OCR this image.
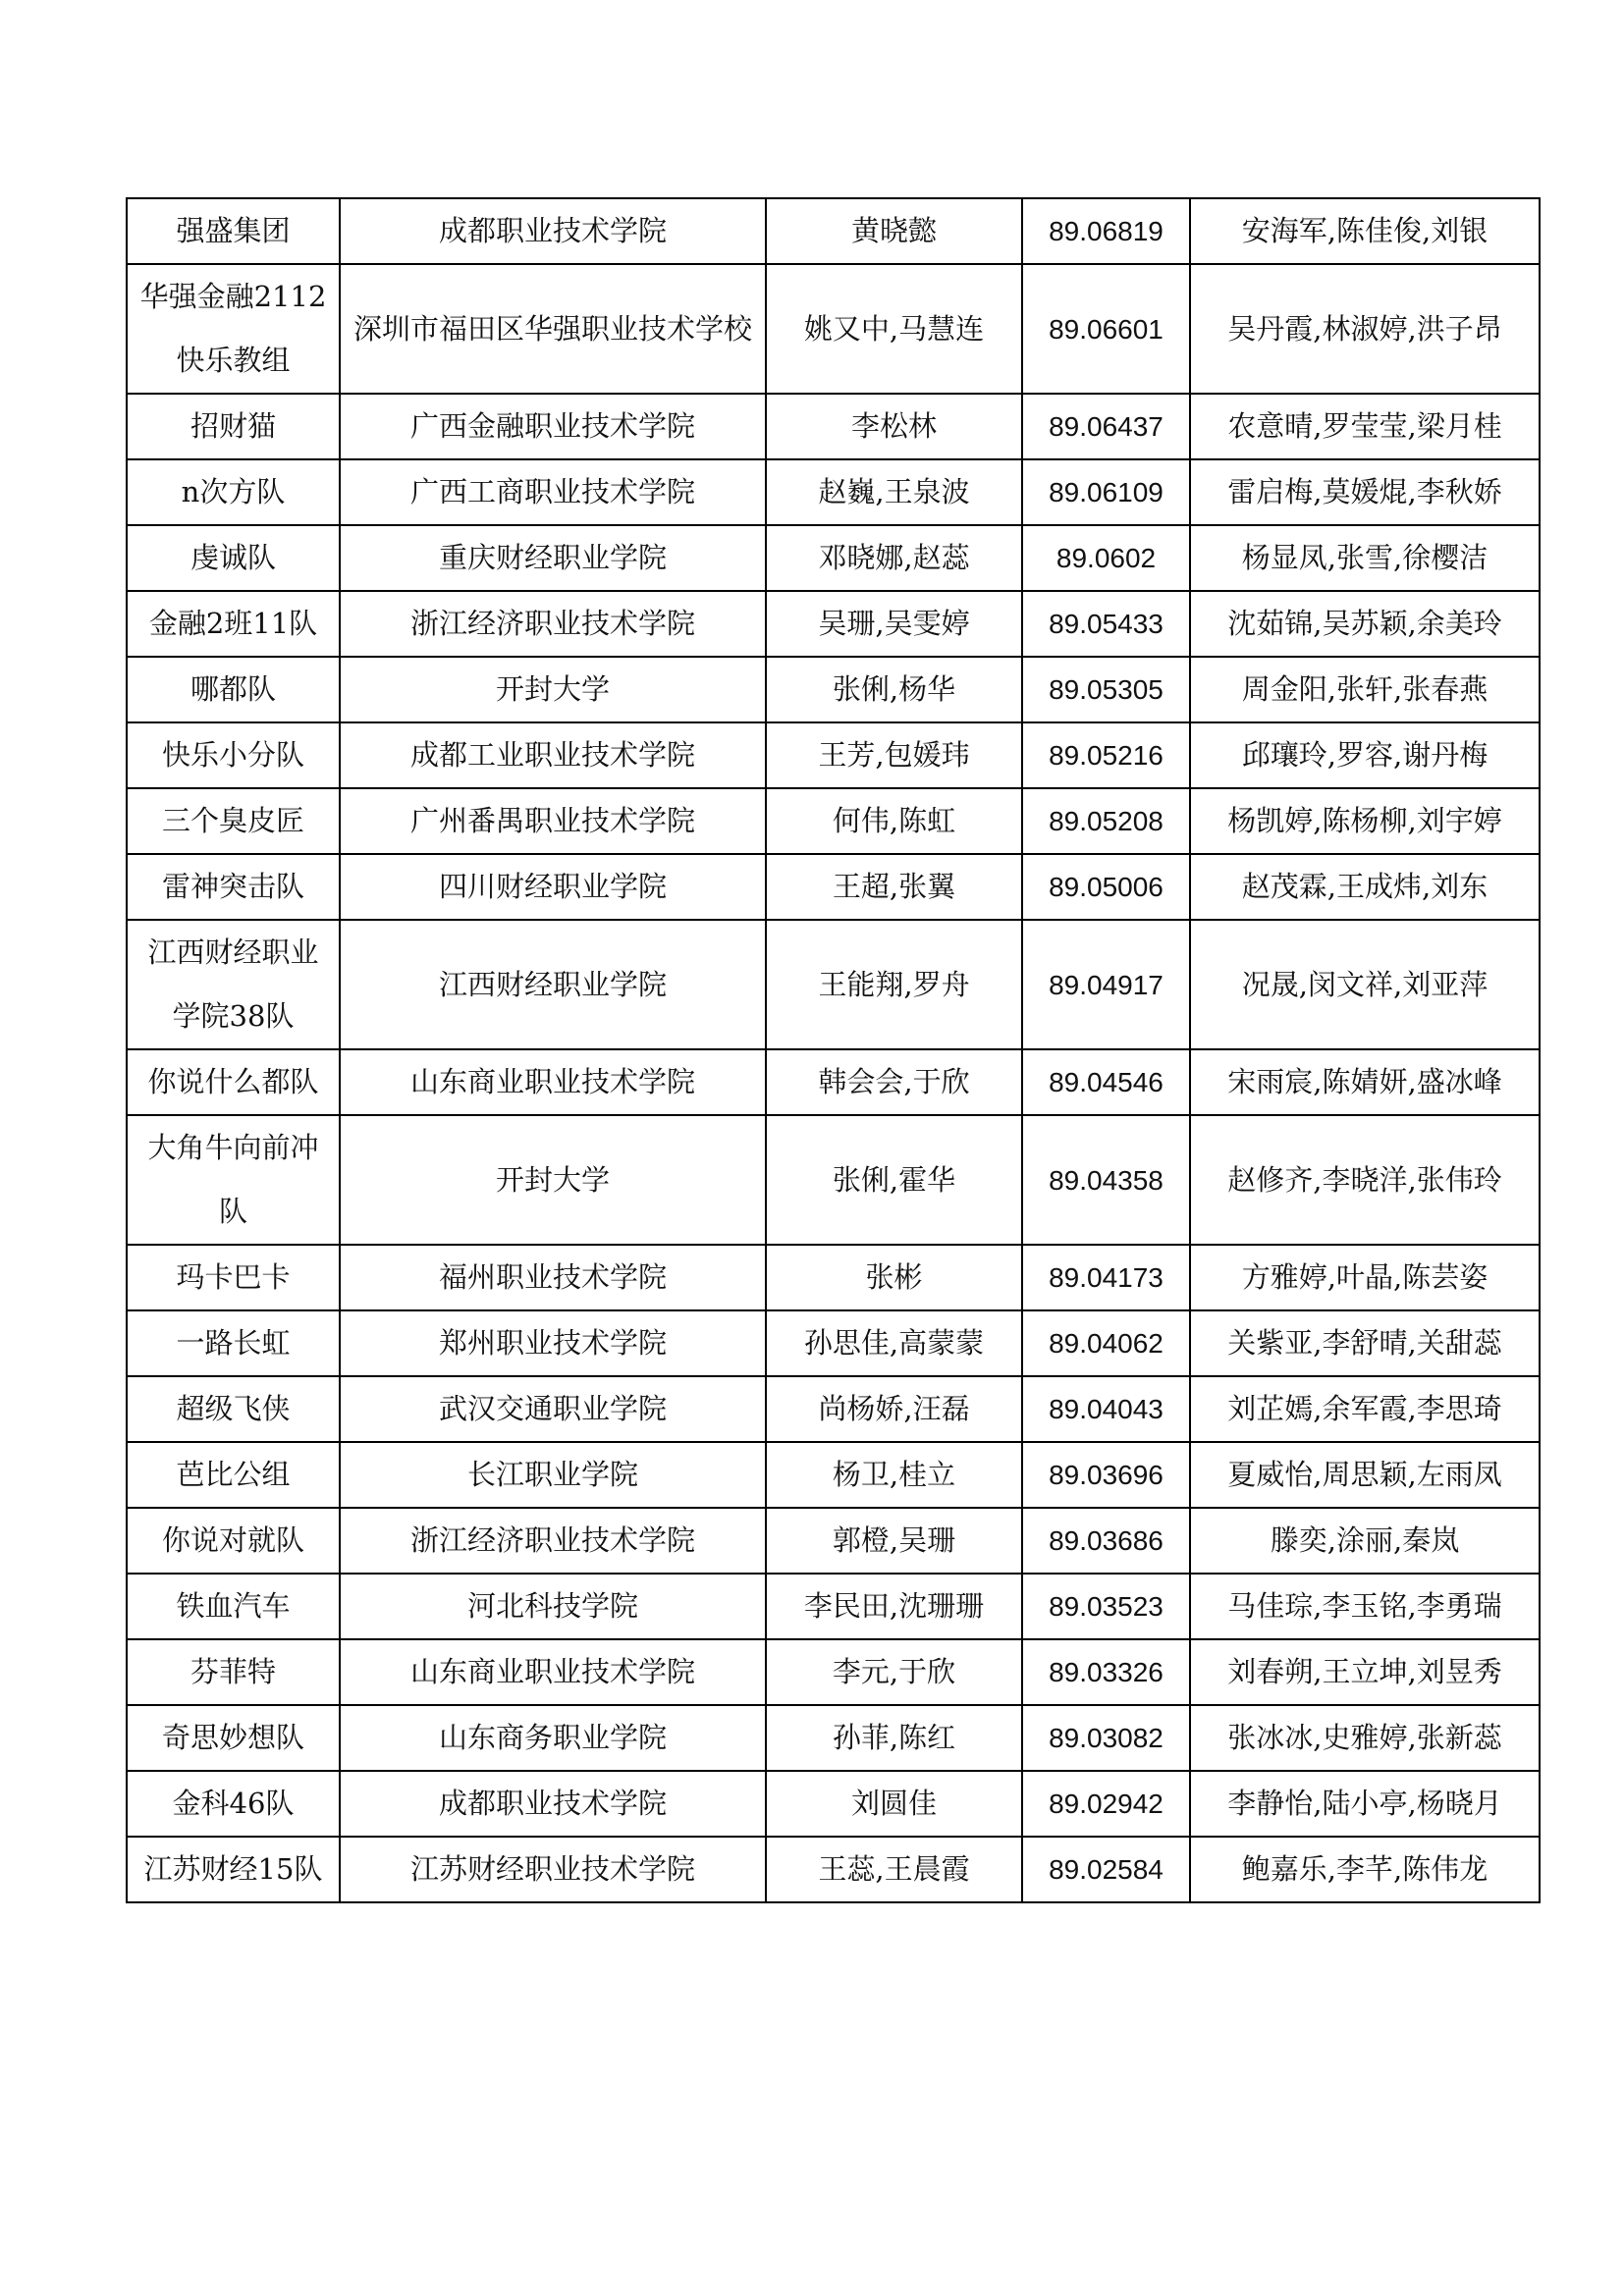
强盛集团	成都职业技术学院	黄晓懿	89.06819	安海军,陈佳俊,刘银
华强金融2112快乐教组	深圳市福田区华强职业技术学校	姚又中,马慧连	89.06601	吴丹霞,林淑婷,洪子昂
招财猫	广西金融职业技术学院	李松林	89.06437	农意晴,罗莹莹,梁月桂
n次方队	广西工商职业技术学院	赵巍,王泉波	89.06109	雷启梅,莫媛焜,李秋娇
虔诚队	重庆财经职业学院	邓晓娜,赵蕊	89.0602	杨显凤,张雪,徐樱洁
金融2班11队	浙江经济职业技术学院	吴珊,吴雯婷	89.05433	沈茹锦,吴苏颖,余美玲
哪都队	开封大学	张俐,杨华	89.05305	周金阳,张轩,张春燕
快乐小分队	成都工业职业技术学院	王芳,包媛玮	89.05216	邱瓖玲,罗容,谢丹梅
三个臭皮匠	广州番禺职业技术学院	何伟,陈虹	89.05208	杨凯婷,陈杨柳,刘宇婷
雷神突击队	四川财经职业学院	王超,张翼	89.05006	赵茂霖,王成炜,刘东
江西财经职业学院38队	江西财经职业学院	王能翔,罗舟	89.04917	况晟,闵文祥,刘亚萍
你说什么都队	山东商业职业技术学院	韩会会,于欣	89.04546	宋雨宸,陈婧妍,盛冰峰
大角牛向前冲队	开封大学	张俐,霍华	89.04358	赵修齐,李晓洋,张伟玲
玛卡巴卡	福州职业技术学院	张彬	89.04173	方雅婷,叶晶,陈芸姿
一路长虹	郑州职业技术学院	孙思佳,高蒙蒙	89.04062	关紫亚,李舒晴,关甜蕊
超级飞侠	武汉交通职业学院	尚杨娇,汪磊	89.04043	刘芷嫣,余军霞,李思琦
芭比公组	长江职业学院	杨卫,桂立	89.03696	夏威怡,周思颖,左雨凤
你说对就队	浙江经济职业技术学院	郭橙,吴珊	89.03686	滕奕,涂丽,秦岚
铁血汽车	河北科技学院	李民田,沈珊珊	89.03523	马佳琮,李玉铭,李勇瑞
芬菲特	山东商业职业技术学院	李元,于欣	89.03326	刘春朔,王立坤,刘昱秀
奇思妙想队	山东商务职业学院	孙菲,陈红	89.03082	张冰冰,史雅婷,张新蕊
金科46队	成都职业技术学院	刘圆佳	89.02942	李静怡,陆小亭,杨晓月
江苏财经15队	江苏财经职业技术学院	王蕊,王晨霞	89.02584	鲍嘉乐,李芊,陈伟龙
